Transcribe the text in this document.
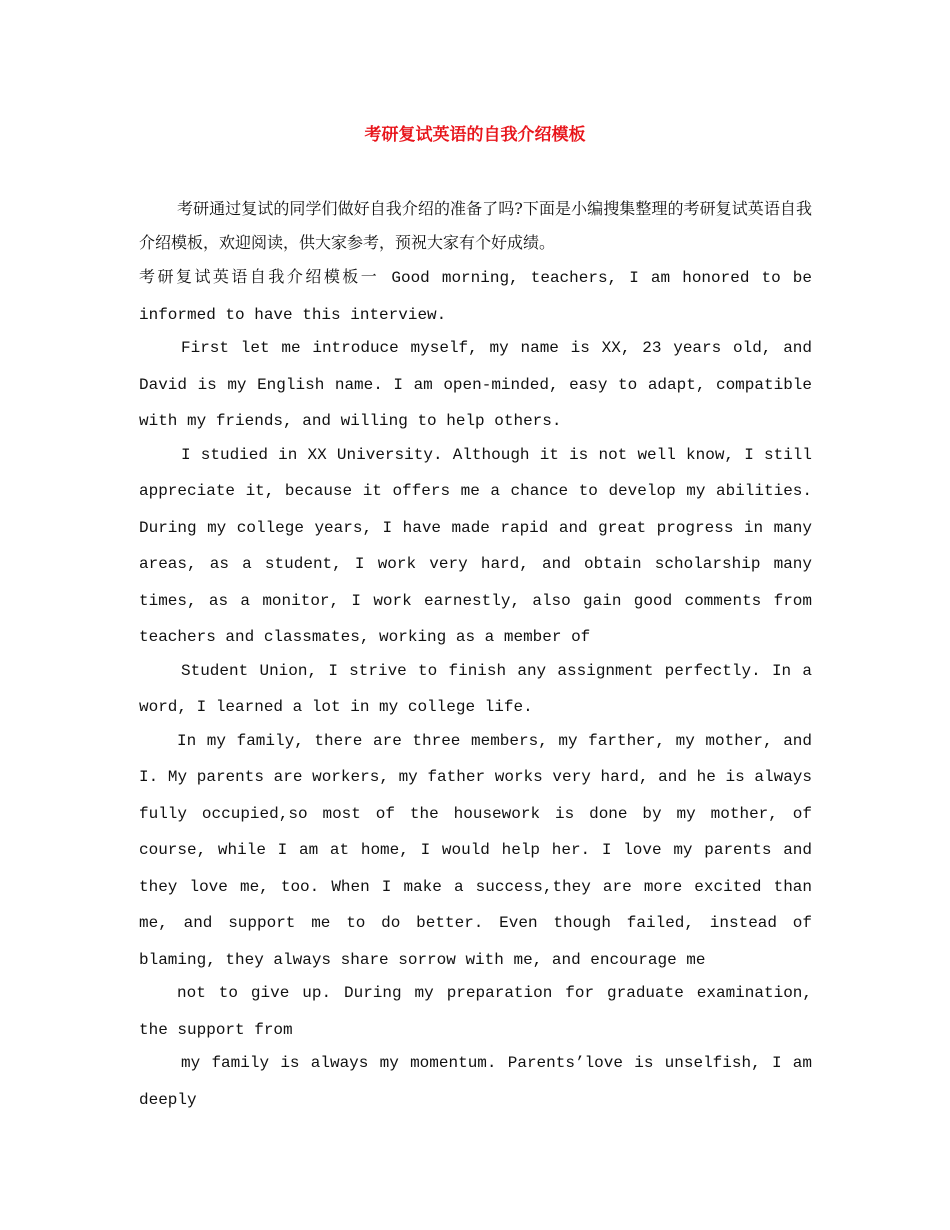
考研复试英语的自我介绍模板

考研通过复试的同学们做好自我介绍的准备了吗?下面是小编搜集整理的考研复试英语自我介绍模板，欢迎阅读，供大家参考，预祝大家有个好成绩。

考研复试英语自我介绍模板一 Good morning, teachers, I am honored to be informed to have this interview.

First let me introduce myself, my name is XX, 23 years old, and David is my English name. I am open-minded, easy to adapt, compatible with my friends, and willing to help others.

I studied in XX University. Although it is not well know, I still appreciate it, because it offers me a chance to develop my abilities. During my college years, I have made rapid and great progress in many areas, as a student, I work very hard, and obtain scholarship many times, as a monitor, I work earnestly, also gain good comments from teachers and classmates, working as a member of

Student Union, I strive to finish any assignment perfectly. In a word, I learned a lot in my college life.

In my family, there are three members, my farther, my mother, and I. My parents are workers, my father works very hard, and he is always fully occupied,so most of the housework is done by my mother, of course, while I am at home, I would help her. I love my parents and they love me, too. When I make a success,they are more excited than me, and support me to do better. Even though failed, instead of blaming, they always share sorrow with me, and encourage me

not to give up. During my preparation for graduate examination, the support from

my family is always my momentum. Parents’love is unselfish, I am deeply
